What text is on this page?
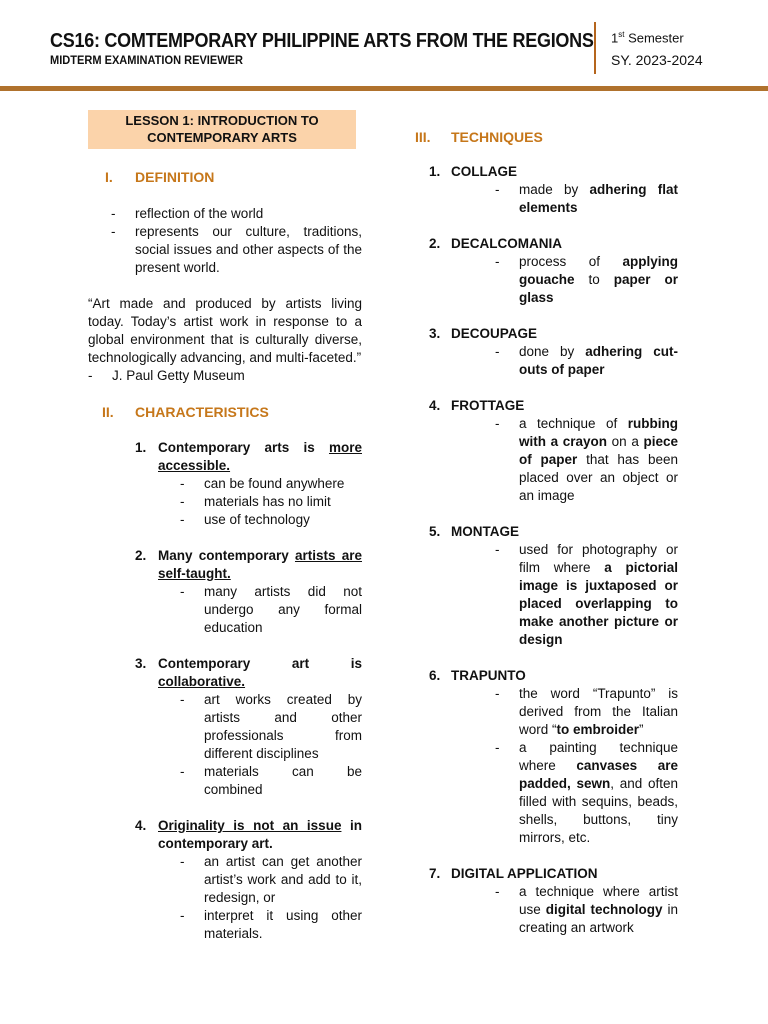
CS16: COMTEMPORARY PHILIPPINE ARTS FROM THE REGIONS
MIDTERM EXAMINATION REVIEWER
1st Semester
SY. 2023-2024
LESSON 1: INTRODUCTION TO
CONTEMPORARY ARTS
I.	DEFINITION
-	reflection of the world
-	represents our culture, traditions, social issues and other aspects of the present world.
“Art made and produced by artists living today. Today’s artist work in response to a global environment that is culturally diverse, technologically advancing, and multi-faceted.”
-	J. Paul Getty Museum
II.	CHARACTERISTICS
1. Contemporary arts is more accessible.
-	can be found anywhere
-	materials has no limit
-	use of technology
2. Many contemporary artists are self-taught.
-	many artists did not undergo any formal education
3. Contemporary art is collaborative.
-	art works created by artists and other professionals from different disciplines
-	materials can be combined
4. Originality is not an issue in contemporary art.
-	an artist can get another artist’s work and add to it, redesign, or
-	interpret it using other materials.
III.	TECHNIQUES
1. COLLAGE
-	made by adhering flat elements
2. DECALCOMANIA
-	process of applying gouache to paper or glass
3. DECOUPAGE
-	done by adhering cut-outs of paper
4. FROTTAGE
-	a technique of rubbing with a crayon on a piece of paper that has been placed over an object or an image
5. MONTAGE
-	used for photography or film where a pictorial image is juxtaposed or placed overlapping to make another picture or design
6. TRAPUNTO
-	the word “Trapunto” is derived from the Italian word “to embroider”
-	a painting technique where canvases are padded, sewn, and often filled with sequins, beads, shells, buttons, tiny mirrors, etc.
7. DIGITAL APPLICATION
-	a technique where artist use digital technology in creating an artwork
